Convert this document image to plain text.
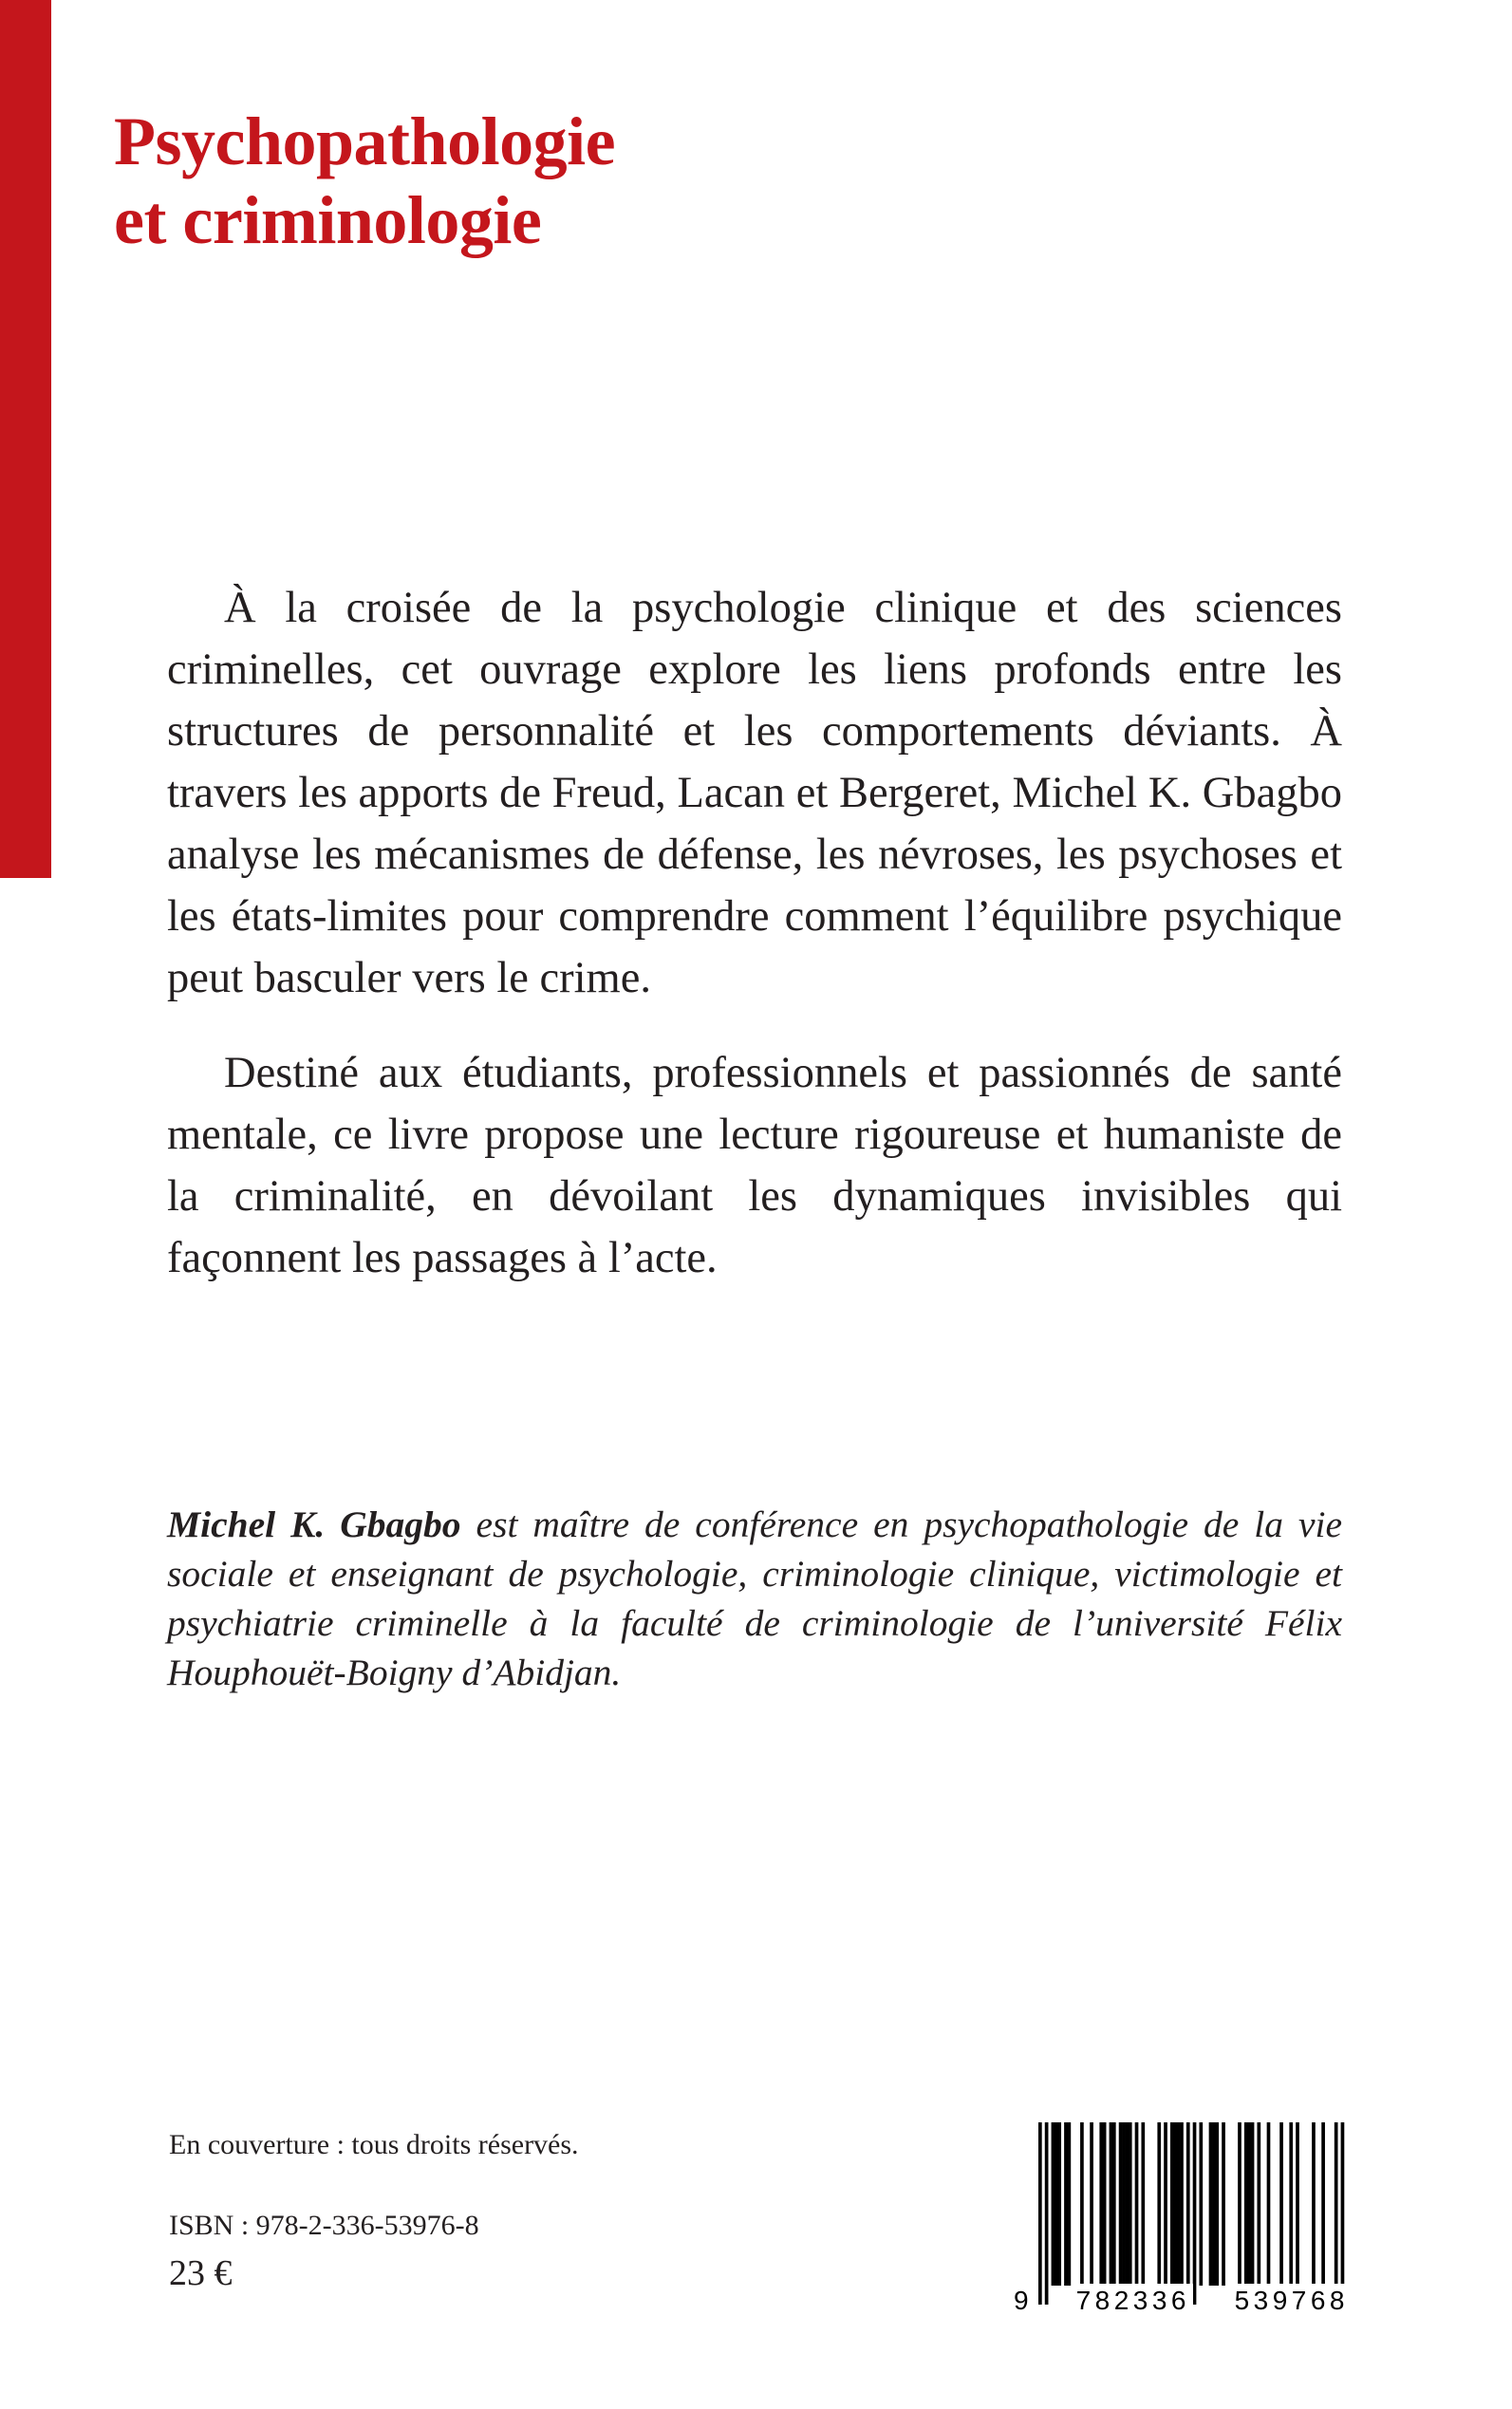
Psychopathologie
et criminologie

À la croisée de la psychologie clinique et des sciences criminelles, cet ouvrage explore les liens profonds entre les structures de personnalité et les comportements déviants. À travers les apports de Freud, Lacan et Bergeret, Michel K. Gbagbo analyse les mécanismes de défense, les névroses, les psychoses et les états-limites pour comprendre comment l’équilibre psychique peut basculer vers le crime.

Destiné aux étudiants, professionnels et passionnés de santé mentale, ce livre propose une lecture rigoureuse et humaniste de la criminalité, en dévoilant les dynamiques invisibles qui façonnent les passages à l’acte.

Michel K. Gbagbo est maître de conférence en psychopathologie de la vie sociale et enseignant de psychologie, criminologie clinique, victimologie et psychiatrie criminelle à la faculté de criminologie de l’université Félix Houphouët-Boigny d’Abidjan.

En couverture : tous droits réservés.

ISBN : 978-2-336-53976-8

23 €

9 782336 539768
